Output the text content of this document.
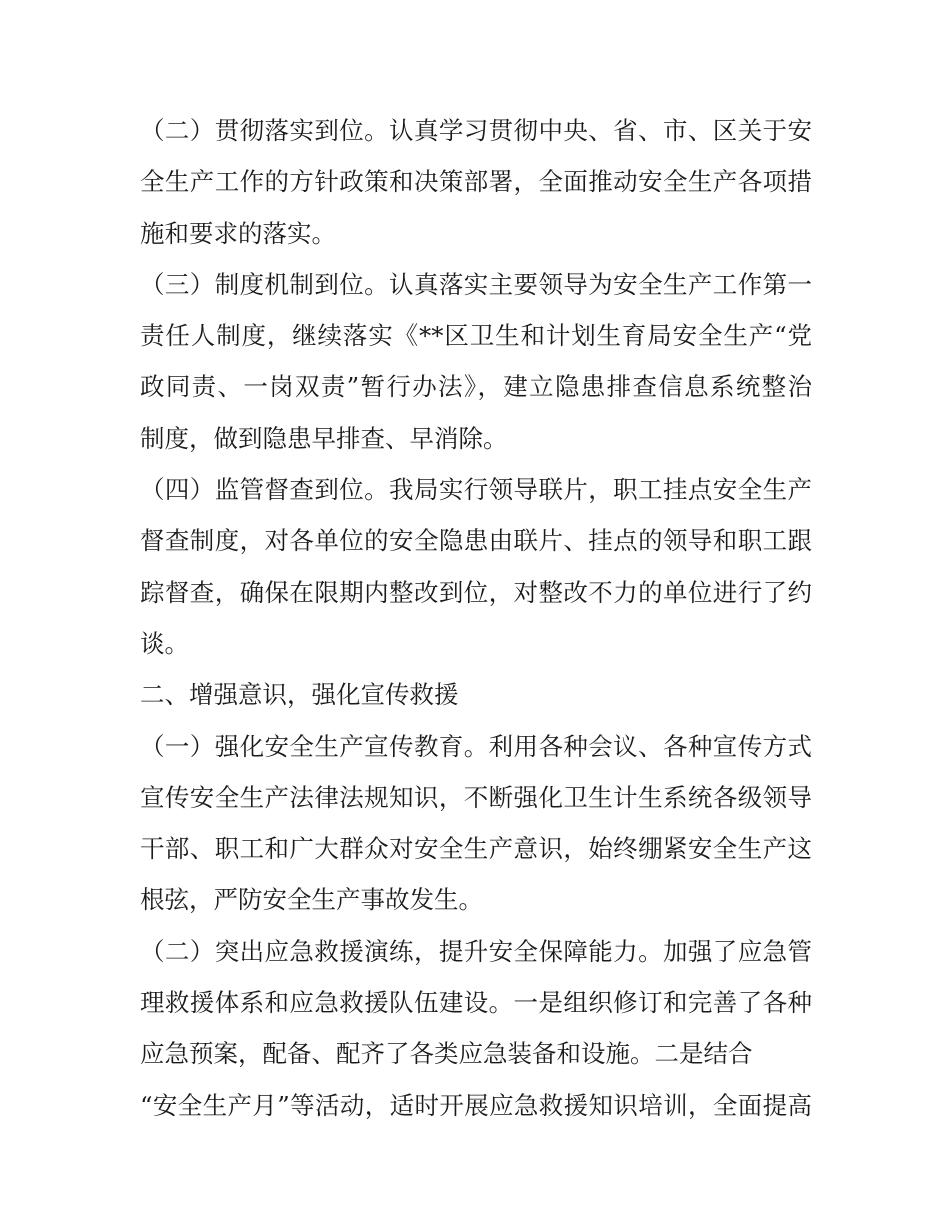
（二）贯彻落实到位。认真学习贯彻中央、省、市、区关于安
全生产工作的方针政策和决策部署，全面推动安全生产各项措
施和要求的落实。
（三）制度机制到位。认真落实主要领导为安全生产工作第一
责任人制度，继续落实《**区卫生和计划生育局安全生产“党
政同责、一岗双责”暂行办法》，建立隐患排查信息系统整治
制度，做到隐患早排查、早消除。
（四）监管督查到位。我局实行领导联片，职工挂点安全生产
督查制度，对各单位的安全隐患由联片、挂点的领导和职工跟
踪督查，确保在限期内整改到位，对整改不力的单位进行了约
谈。
二、增强意识，强化宣传救援
（一）强化安全生产宣传教育。利用各种会议、各种宣传方式
宣传安全生产法律法规知识，不断强化卫生计生系统各级领导
干部、职工和广大群众对安全生产意识，始终绷紧安全生产这
根弦，严防安全生产事故发生。
（二）突出应急救援演练，提升安全保障能力。加强了应急管
理救援体系和应急救援队伍建设。一是组织修订和完善了各种
应急预案，配备、配齐了各类应急装备和设施。二是结合
“安全生产月”等活动，适时开展应急救援知识培训，全面提高
